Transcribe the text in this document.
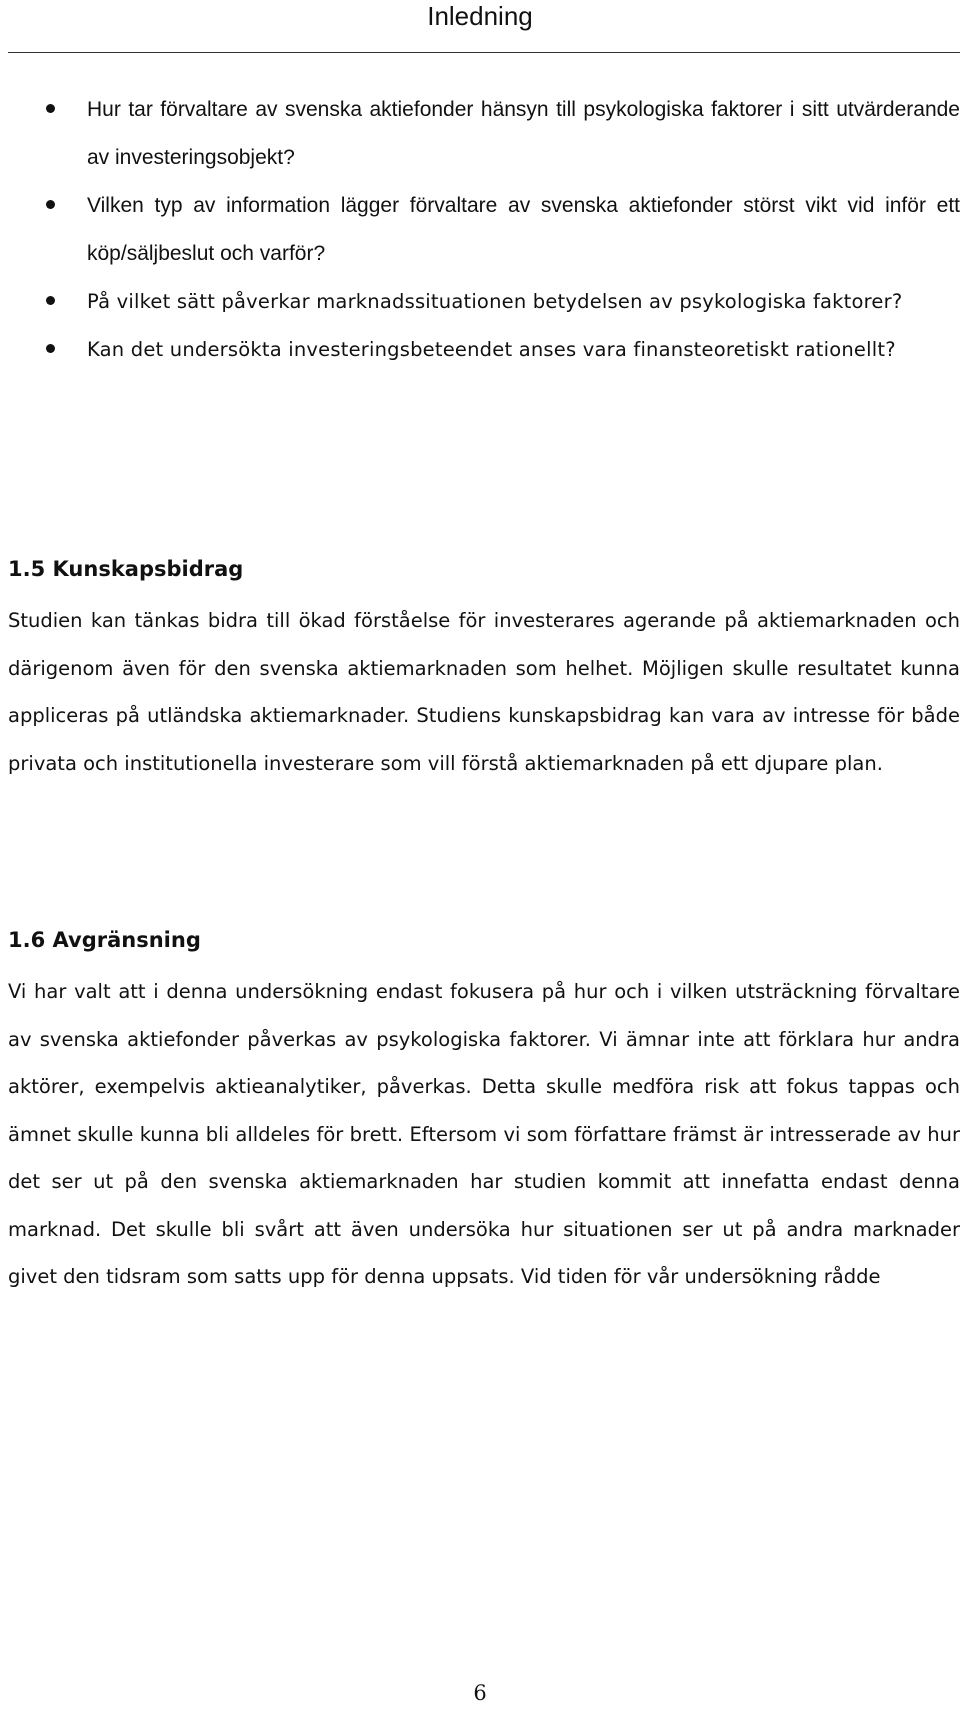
Inledning
Hur tar förvaltare av svenska aktiefonder hänsyn till psykologiska faktorer i sitt utvärderande av investeringsobjekt?
Vilken typ av information lägger förvaltare av svenska aktiefonder störst vikt vid inför ett köp/säljbeslut och varför?
På vilket sätt påverkar marknadssituationen betydelsen av psykologiska faktorer?
Kan det undersökta investeringsbeteendet anses vara finansteoretiskt rationellt?
1.5 Kunskapsbidrag

Studien kan tänkas bidra till ökad förståelse för investerares agerande på aktiemarknaden och därigenom även för den svenska aktiemarknaden som helhet. Möjligen skulle resultatet kunna appliceras på utländska aktiemarknader. Studiens kunskapsbidrag kan vara av intresse för både privata och institutionella investerare som vill förstå aktiemarknaden på ett djupare plan.

1.6 Avgränsning

Vi har valt att i denna undersökning endast fokusera på hur och i vilken utsträckning förvaltare av svenska aktiefonder påverkas av psykologiska faktorer. Vi ämnar inte att förklara hur andra aktörer, exempelvis aktieanalytiker, påverkas. Detta skulle medföra risk att fokus tappas och ämnet skulle kunna bli alldeles för brett. Eftersom vi som författare främst är intresserade av hur det ser ut på den svenska aktiemarknaden har studien kommit att innefatta endast denna marknad. Det skulle bli svårt att även undersöka hur situationen ser ut på andra marknader givet den tidsram som satts upp för denna uppsats. Vid tiden för vår undersökning rådde

6
